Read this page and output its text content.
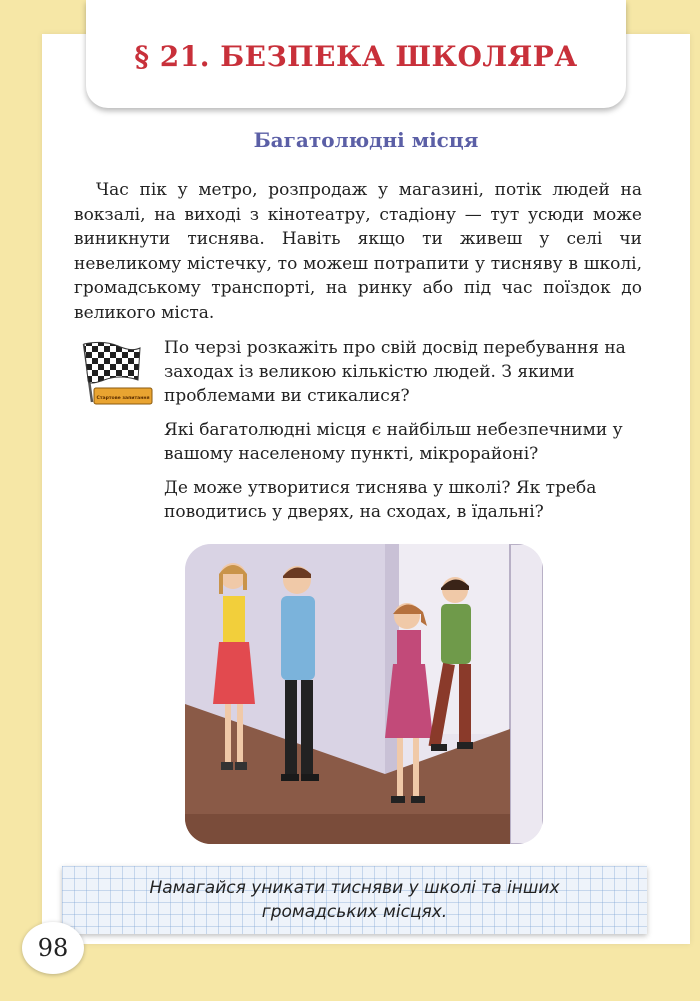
§ 21. БЕЗПЕКА ШКОЛЯРА
Багатолюдні місця

Час пік у метро, розпродаж у магазині, потік людей на вокзалі, на виході з кінотеатру, стадіону — тут усюди може виникнути тиснява. Навіть якщо ти живеш у селі чи невеликому містечку, то можеш потрапити у тисняву в школі, громадському транспорті, на ринку або під час поїздок до великого міста.

Стартове запитання

По черзі розкажіть про свій досвід перебування на заходах із великою кількістю людей. З якими проблемами ви стикалися?

Які багатолюдні місця є найбільш небезпечними у вашому населеному пункті, мікрорайоні?

Де може утворитися тиснява у школі? Як треба поводитись у дверях, на сходах, в їдальні?

Намагайся уникати тисняви у школі та інших громадських місцях.

98
